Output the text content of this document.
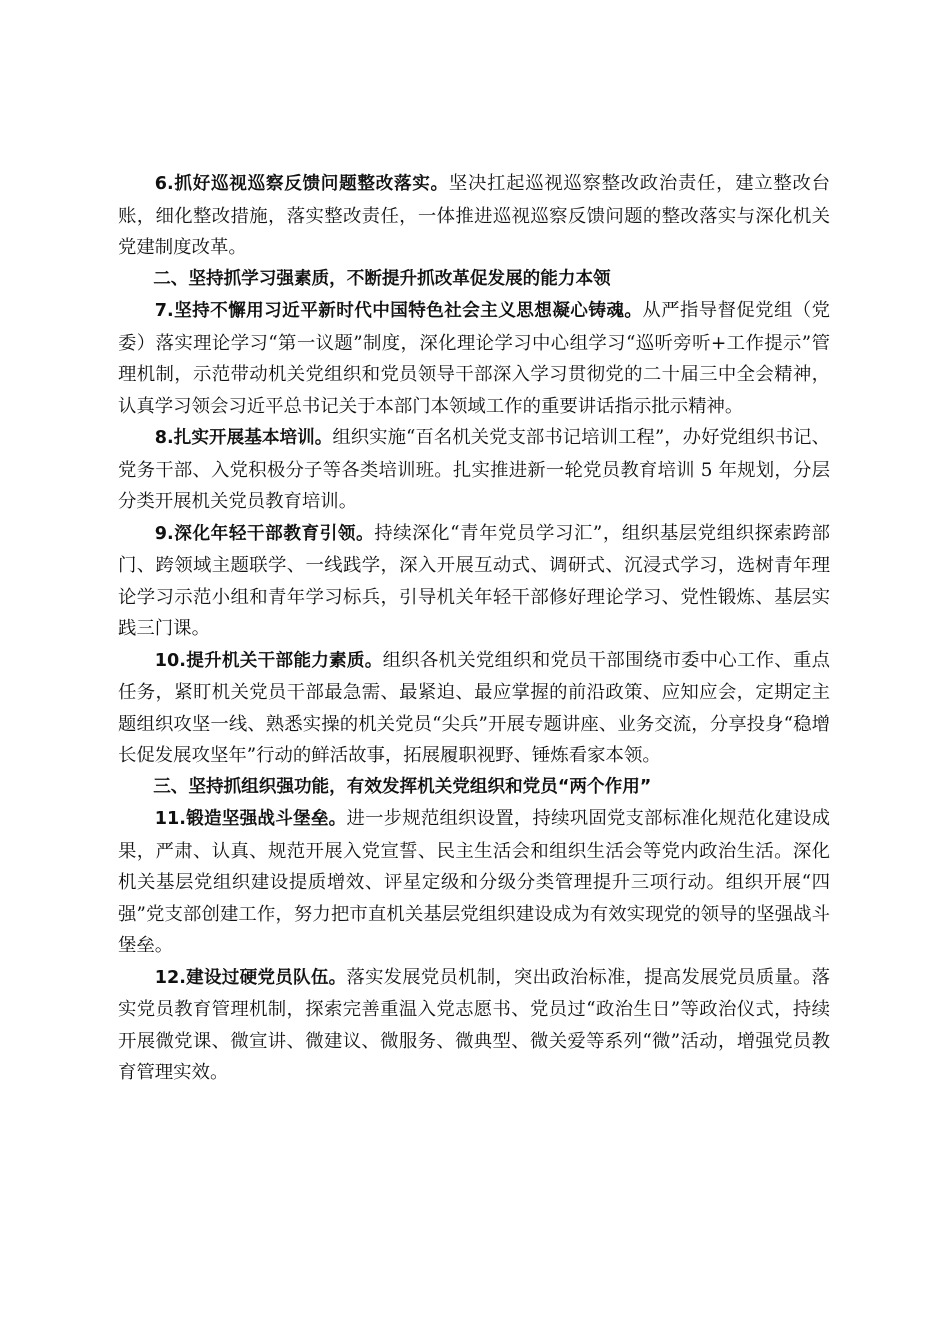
6.抓好巡视巡察反馈问题整改落实。坚决扛起巡视巡察整改政治责任，建立整改台账，细化整改措施，落实整改责任，一体推进巡视巡察反馈问题的整改落实与深化机关党建制度改革。

二、坚持抓学习强素质，不断提升抓改革促发展的能力本领

7.坚持不懈用习近平新时代中国特色社会主义思想凝心铸魂。从严指导督促党组（党委）落实理论学习“第一议题”制度，深化理论学习中心组学习“巡听旁听+工作提示”管理机制，示范带动机关党组织和党员领导干部深入学习贯彻党的二十届三中全会精神，认真学习领会习近平总书记关于本部门本领域工作的重要讲话指示批示精神。

8.扎实开展基本培训。组织实施“百名机关党支部书记培训工程”，办好党组织书记、党务干部、入党积极分子等各类培训班。扎实推进新一轮党员教育培训 5 年规划，分层分类开展机关党员教育培训。

9.深化年轻干部教育引领。持续深化“青年党员学习汇”，组织基层党组织探索跨部门、跨领域主题联学、一线践学，深入开展互动式、调研式、沉浸式学习，选树青年理论学习示范小组和青年学习标兵，引导机关年轻干部修好理论学习、党性锻炼、基层实践三门课。

10.提升机关干部能力素质。组织各机关党组织和党员干部围绕市委中心工作、重点任务，紧盯机关党员干部最急需、最紧迫、最应掌握的前沿政策、应知应会，定期定主题组织攻坚一线、熟悉实操的机关党员“尖兵”开展专题讲座、业务交流，分享投身“稳增长促发展攻坚年”行动的鲜活故事，拓展履职视野、锤炼看家本领。

三、坚持抓组织强功能，有效发挥机关党组织和党员“两个作用”

11.锻造坚强战斗堡垒。进一步规范组织设置，持续巩固党支部标准化规范化建设成果，严肃、认真、规范开展入党宣誓、民主生活会和组织生活会等党内政治生活。深化机关基层党组织建设提质增效、评星定级和分级分类管理提升三项行动。组织开展“四强”党支部创建工作，努力把市直机关基层党组织建设成为有效实现党的领导的坚强战斗堡垒。

12.建设过硬党员队伍。落实发展党员机制，突出政治标准，提高发展党员质量。落实党员教育管理机制，探索完善重温入党志愿书、党员过“政治生日”等政治仪式，持续开展微党课、微宣讲、微建议、微服务、微典型、微关爱等系列“微”活动，增强党员教育管理实效。
